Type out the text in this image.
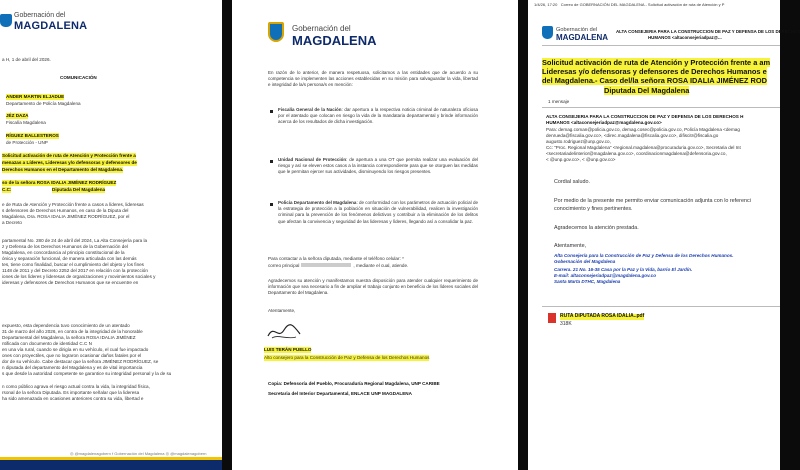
Gobernación del
MAGDALENA
a H, 1 de abril del 2026.
COMUNICACIÓN
ANDER MARTIN ELJADUE
Departamento de Policía Magdalena
JÉZ DAZA
Fiscalía Magdalena
RÍGUEZ BALLESTEROS
de Protección - UNP
Solicitud activación de ruta de Atención y Protección frente a
menazas a Líderes, Lideresas y/o defensoras y defensores de
Derechos Humanos en el Departamento del Magdalena.
so de la señora ROSA IDALIA JIMÉNEZ RODRÍGUEZ
C.C:	Diputada Del Magdalena
e de Ruta de Atención y Protección frente a casos a líderes, lideresas
s defensores de Derechos Humanos, en caso de la Diputa del
Magdalena, Dra. ROSA IDALIA JIMÉNEZ RODRÍGUEZ, por el
a Decreto
partamental No. 280 de 24 de abril del 2024, La Alta Consejería para la
z y Defensa de los Derechos Humanos de la Gobernación del
Magdalena, en concordancia al principio constitucional de la
ónica y separación funcional, de manera articulada con las demás
tes, tiene como finalidad, buscar el cumplimiento del objeto y los fines
1148 de 2011 y del Decreto 2252 del 2017 en relación con la protección
iones de los líderes y lideresas de organizaciones y movimientos sociales y
ideresas y defensores de Derechos Humanos que se encuentre en
expuesto, esta dependencia tuvo conocimiento de un atentado
31 de marzo del año 2026, en contra de la integridad de la honorable
Departamental del Magdalena, la señora ROSA IDALIA JIMÉNEZ
ntificada con documento de identidad C.C N
en una vía rural, cuando se dirigía en su vehículo, el cual fue impactado
ones con proyectiles, que no lograron ocasionar daños fatales por el
dor de su vehículo. Cabe destacar que la señora JIMÉNEZ RODRÍGUEZ, se
n diputada del departamento del Magdalena y es de vital importancia
s que desde la autoridad competente se garantice su integridad personal y la de su
n como público agrava el riesgo actual contra la vida, la integridad física,
rsonal de la señora Diputada. Es importante señalar que la lideresa
ha sido amenazada en ocasiones anteriores contra su vida, libertad e
◎ @magdalenagobern f Gobernación del Magdalena ◎ @magdalenagobern
Gobernación del
MAGDALENA
En razón de lo anterior, de manera respetuosa, solicitamos a las entidades que de acuerdo a su competencia se implementen las acciones establecidas en su misión para salvaguardar la vida, libertad e integridad de la/s persona/s en mención:
Fiscalía General de la Nación: dar apertura a la respectiva noticia criminal de naturaleza oficiosa por el atentado que colocan en riesgo la vida de la mandataria departamental y brinde información acerca de los resultados de dicha investigación.
Unidad Nacional de Protección: de apertura a una OT que permita realizar una evaluación del riesgo y así se eleven estos casos a la instancia correspondiente para que se otorguen las medidas que le permitan ejercer sus actividades, disminuyendo los riesgos presentes.
Policía Departamento del Magdalena: de conformidad con los parámetros de actuación policial de la estrategia de protección a la población en situación de vulnerabilidad, realicen la investigación criminal para la prevención de los fenómenos delictivos y contribuir a la eliminación de los delitos que afectan la convivencia y seguridad de las lideresas y líderes, llegando así a consolidar la paz.
Para contactar a la señora diputada, mediante el teléfono celular: *
correo principal	, mediante el cual, atiende.
Agradecemos su atención y manifestamos nuestra disposición para atender cualquier requerimiento de información que sea necesario a fin de ampliar el trabajo conjunto en beneficio de los líderes sociales del Departamento del Magdalena.
Atentamente,
LUIS TERÁN PUELLO
Alto consejero para la Construcción de Paz y Defensa de los Derechos Humanos
Copia: Defensoría del Pueblo, Procuraduría Regional Magdalena, UNP CARIBE
Secretaria del Interior Departamental, ENLACE UNP MAGDALENA
1/4/26, 17:20 Correo de GOBERNACIÓN DEL MAGDALENA - Solicitud activación de ruta de Atención y P
Gobernación del
MAGDALENA
ALTA CONSEJERIA PARA LA CONSTRUCCION DE PAZ Y DEFENSA DE LOS DERECHOS
HUMANOS <altaconsejeriadpaz@...
Solicitud activación de ruta de Atención y Protección frente a am
Lideresas y/o defensoras y defensores de Derechos Humanos e
del Magdalena.- Caso del/la señora ROSA IDALIA JIMÉNEZ ROD
Diputada Del Magdalena
1 mensaje
ALTA CONSEJERIA PARA LA CONSTRUCCION DE PAZ Y DEFENSA DE LOS DERECHOS H
HUMANOS <altaconsejeriadpaz@magdalena.gov.co>
Para: demag.coman@policia.gov.co, demag.cosec@policia.gov.co, Policía Magdalena <demag
denrueda@fiscalia.gov.co>, <direc.magdalena@fiscalia.gov.co>, difiscitr@fiscalia.go
augusto.rodriguez@unp.gov.co,
Cc: "Proc. Regional Magdalena" <regional.magdalena@procuraduria.gov.co>, Secretaria del Int
<secretariadelinterior@magdalena.gov.co>, coordinacionmagdalena@defensoria.gov.co,
< @unp.gov.co>, < @unp.gov.co>
Cordial saludo.
Por medio de la presente me permito enviar comunicación adjunta con lo referenci
conocimiento y fines pertinentes.
Agradecemos la atención prestada.
Atentamente,
Alta Consejería para la Construcción de Paz y Defensa de los Derechos Humanos.
Gobernación del Magdalena
Carrera. 21 No. 16-35 Casa por la Paz y la Vida, barrio El Jardín.
E-mail: altaconsejeriadpaz@magdalena.gov.co
Santa Marta DTHC, Magdalena
RUTA DIPUTADA ROSA IDALIA..pdf
318K
